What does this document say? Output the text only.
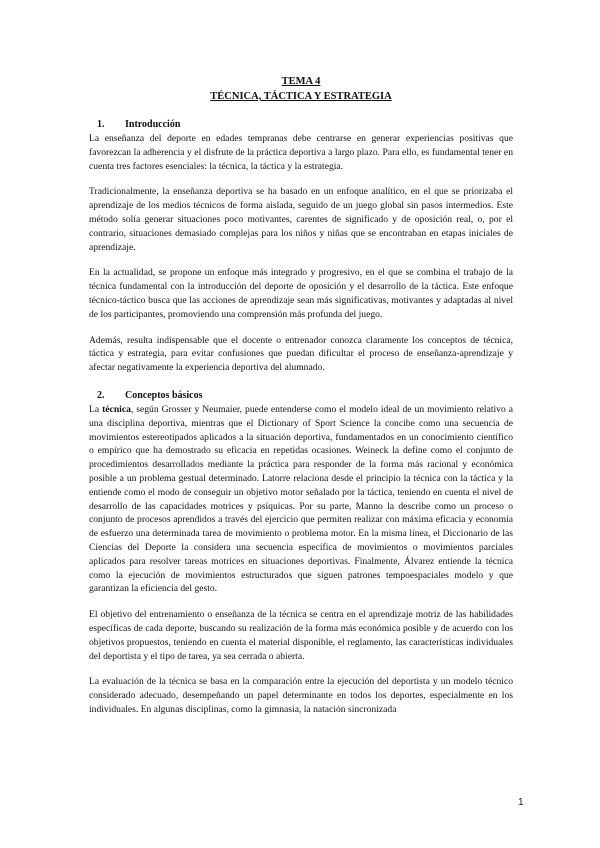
TEMA 4
TÉCNICA, TÁCTICA Y ESTRATEGIA
1. Introducción

La enseñanza del deporte en edades tempranas debe centrarse en generar experiencias positivas que favorezcan la adherencia y el disfrute de la práctica deportiva a largo plazo. Para ello, es fundamental tener en cuenta tres factores esenciales: la técnica, la táctica y la estrategia.

Tradicionalmente, la enseñanza deportiva se ha basado en un enfoque analítico, en el que se priorizaba el aprendizaje de los medios técnicos de forma aislada, seguido de un juego global sin pasos intermedios. Este método solía generar situaciones poco motivantes, carentes de significado y de oposición real, o, por el contrario, situaciones demasiado complejas para los niños y niñas que se encontraban en etapas iniciales de aprendizaje.

En la actualidad, se propone un enfoque más integrado y progresivo, en el que se combina el trabajo de la técnica fundamental con la introducción del deporte de oposición y el desarrollo de la táctica. Este enfoque técnico-táctico busca que las acciones de aprendizaje sean más significativas, motivantes y adaptadas al nivel de los participantes, promoviendo una comprensión más profunda del juego.

Además, resulta indispensable que el docente o entrenador conozca claramente los conceptos de técnica, táctica y estrategia, para evitar confusiones que puedan dificultar el proceso de enseñanza-aprendizaje y afectar negativamente la experiencia deportiva del alumnado.

2. Conceptos básicos

La técnica, según Grosser y Neumaier, puede entenderse como el modelo ideal de un movimiento relativo a una disciplina deportiva, mientras que el Dictionary of Sport Science la concibe como una secuencia de movimientos estereotipados aplicados a la situación deportiva, fundamentados en un conocimiento científico o empírico que ha demostrado su eficacia en repetidas ocasiones. Weineck la define como el conjunto de procedimientos desarrollados mediante la práctica para responder de la forma más racional y económica posible a un problema gestual determinado. Latorre relaciona desde el principio la técnica con la táctica y la entiende como el modo de conseguir un objetivo motor señalado por la táctica, teniendo en cuenta el nivel de desarrollo de las capacidades motrices y psíquicas. Por su parte, Manno la describe como un proceso o conjunto de procesos aprendidos a través del ejercicio que permiten realizar con máxima eficacia y economía de esfuerzo una determinada tarea de movimiento o problema motor. En la misma línea, el Diccionario de las Ciencias del Deporte la considera una secuencia específica de movimientos o movimientos parciales aplicados para resolver tareas motrices en situaciones deportivas. Finalmente, Álvarez entiende la técnica como la ejecución de movimientos estructurados que siguen patrones tempoespaciales modelo y que garantizan la eficiencia del gesto.

El objetivo del entrenamiento o enseñanza de la técnica se centra en el aprendizaje motriz de las habilidades específicas de cada deporte, buscando su realización de la forma más económica posible y de acuerdo con los objetivos propuestos, teniendo en cuenta el material disponible, el reglamento, las características individuales del deportista y el tipo de tarea, ya sea cerrada o abierta.

La evaluación de la técnica se basa en la comparación entre la ejecución del deportista y un modelo técnico considerado adecuado, desempeñando un papel determinante en todos los deportes, especialmente en los individuales. En algunas disciplinas, como la gimnasia, la natación sincronizada

1
